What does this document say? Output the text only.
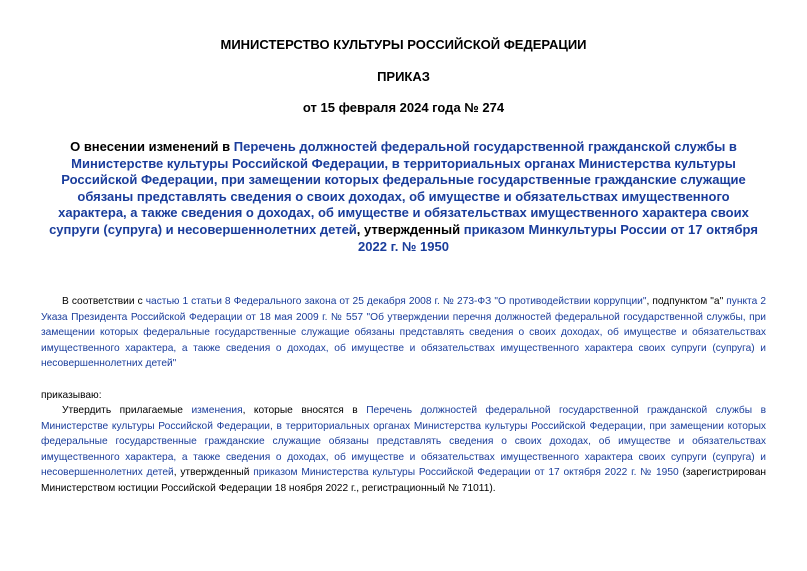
МИНИСТЕРСТВО КУЛЬТУРЫ РОССИЙСКОЙ ФЕДЕРАЦИИ
ПРИКАЗ
от 15 февраля 2024 года № 274
О внесении изменений в Перечень должностей федеральной государственной гражданской службы в Министерстве культуры Российской Федерации, в территориальных органах Министерства культуры Российской Федерации, при замещении которых федеральные государственные гражданские служащие обязаны представлять сведения о своих доходах, об имуществе и обязательствах имущественного характера, а также сведения о доходах, об имуществе и обязательствах имущественного характера своих супруги (супруга) и несовершеннолетних детей, утвержденный приказом Минкультуры России от 17 октября 2022 г. № 1950
В соответствии с частью 1 статьи 8 Федерального закона от 25 декабря 2008 г. № 273-ФЗ "О противодействии коррупции", подпунктом "а" пункта 2 Указа Президента Российской Федерации от 18 мая 2009 г. № 557 "Об утверждении перечня должностей федеральной государственной службы, при замещении которых федеральные государственные служащие обязаны представлять сведения о своих доходах, об имуществе и обязательствах имущественного характера, а также сведения о доходах, об имуществе и обязательствах имущественного характера своих супруги (супруга) и несовершеннолетних детей"
приказываю:
Утвердить прилагаемые изменения, которые вносятся в Перечень должностей федеральной государственной гражданской службы в Министерстве культуры Российской Федерации, в территориальных органах Министерства культуры Российской Федерации, при замещении которых федеральные государственные гражданские служащие обязаны представлять сведения о своих доходах, об имуществе и обязательствах имущественного характера, а также сведения о доходах, об имуществе и обязательствах имущественного характера своих супруги (супруга) и несовершеннолетних детей, утвержденный приказом Министерства культуры Российской Федерации от 17 октября 2022 г. № 1950 (зарегистрирован Министерством юстиции Российской Федерации 18 ноября 2022 г., регистрационный № 71011).
